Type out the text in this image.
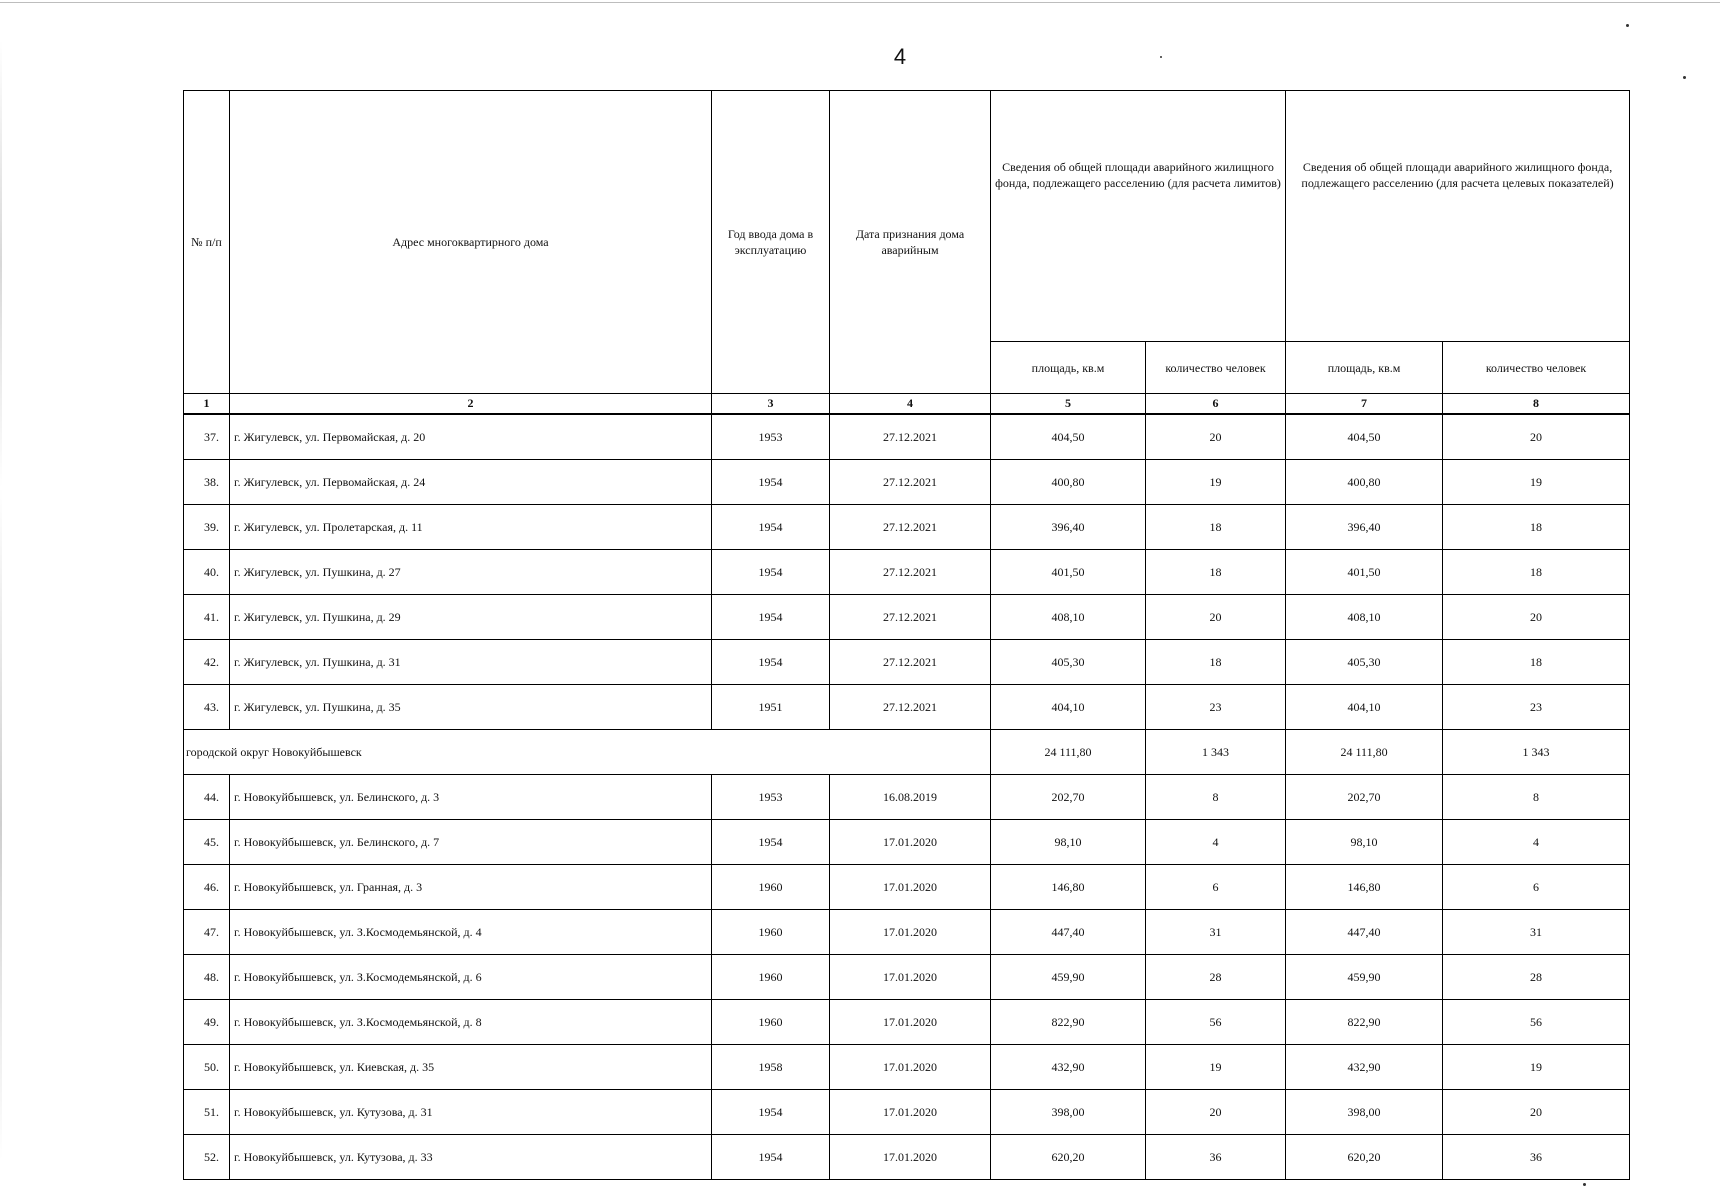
4
№ п/п	Адрес многоквартирного дома	Год ввода дома в эксплуатацию	Дата признания дома аварийным	Сведения об общей площади аварийного жилищного фонда, подлежащего расселению (для расчета лимитов)		Сведения об общей площади аварийного жилищного фонда, подлежащего расселению (для расчета целевых показателей)	
				площадь, кв.м	количество человек	площадь, кв.м	количество человек
1	2	3	4	5	6	7	8
37.	г. Жигулевск, ул. Первомайская, д. 20	1953	27.12.2021	404,50	20	404,50	20
38.	г. Жигулевск, ул. Первомайская, д. 24	1954	27.12.2021	400,80	19	400,80	19
39.	г. Жигулевск, ул. Пролетарская, д. 11	1954	27.12.2021	396,40	18	396,40	18
40.	г. Жигулевск, ул. Пушкина, д. 27	1954	27.12.2021	401,50	18	401,50	18
41.	г. Жигулевск, ул. Пушкина, д. 29	1954	27.12.2021	408,10	20	408,10	20
42.	г. Жигулевск, ул. Пушкина, д. 31	1954	27.12.2021	405,30	18	405,30	18
43.	г. Жигулевск, ул. Пушкина, д. 35	1951	27.12.2021	404,10	23	404,10	23
городской округ Новокуйбышевск				24 111,80	1 343	24 111,80	1 343
44.	г. Новокуйбышевск, ул. Белинского, д. 3	1953	16.08.2019	202,70	8	202,70	8
45.	г. Новокуйбышевск, ул. Белинского, д. 7	1954	17.01.2020	98,10	4	98,10	4
46.	г. Новокуйбышевск, ул. Гранная, д. 3	1960	17.01.2020	146,80	6	146,80	6
47.	г. Новокуйбышевск, ул. З.Космодемьянской, д. 4	1960	17.01.2020	447,40	31	447,40	31
48.	г. Новокуйбышевск, ул. З.Космодемьянской, д. 6	1960	17.01.2020	459,90	28	459,90	28
49.	г. Новокуйбышевск, ул. З.Космодемьянской, д. 8	1960	17.01.2020	822,90	56	822,90	56
50.	г. Новокуйбышевск, ул. Киевская, д. 35	1958	17.01.2020	432,90	19	432,90	19
51.	г. Новокуйбышевск, ул. Кутузова, д. 31	1954	17.01.2020	398,00	20	398,00	20
52.	г. Новокуйбышевск, ул. Кутузова, д. 33	1954	17.01.2020	620,20	36	620,20	36
